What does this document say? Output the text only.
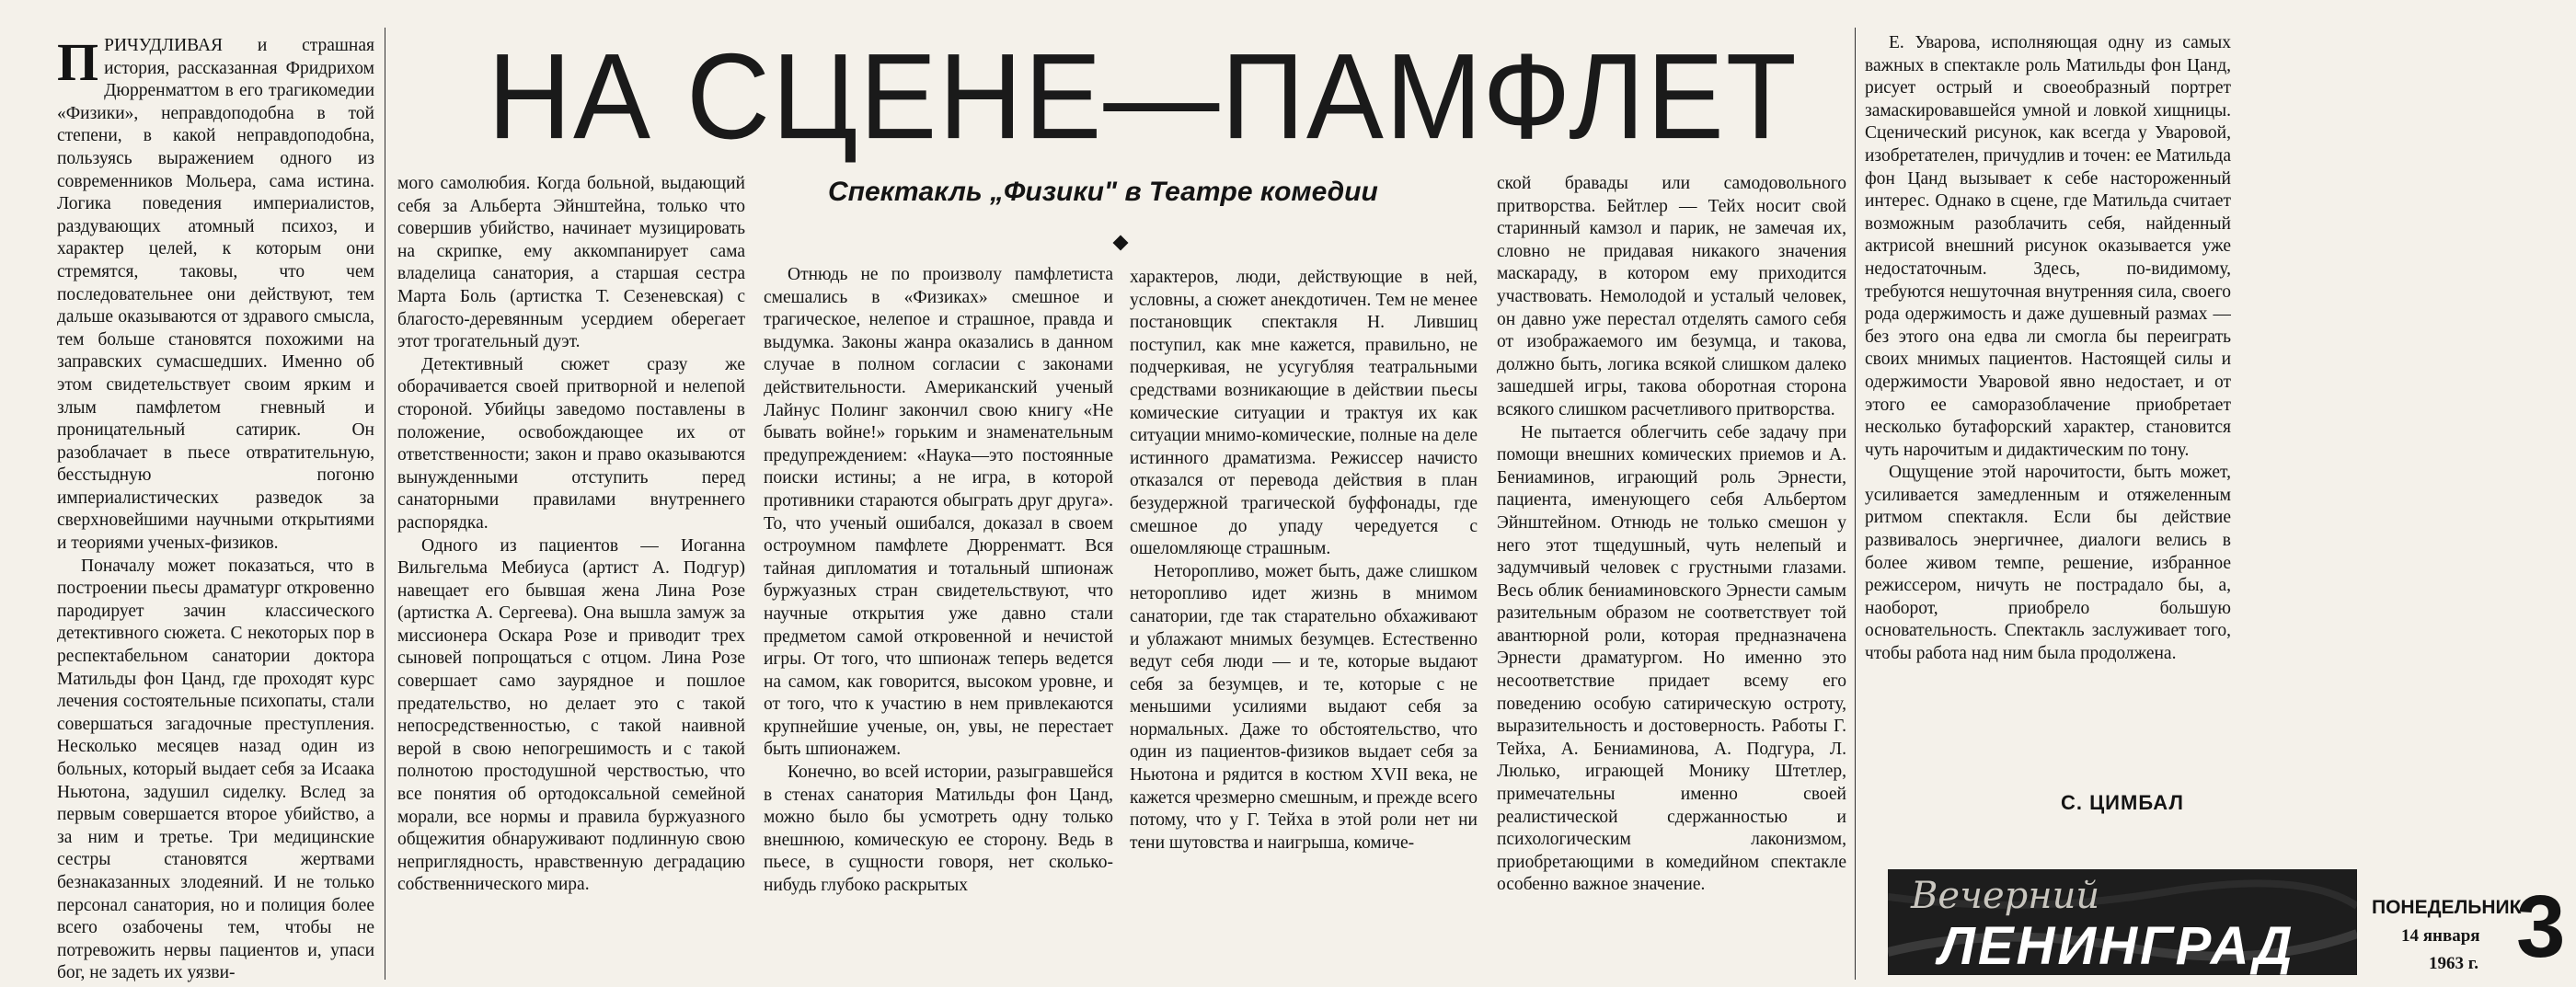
ПРИЧУДЛИВАЯ и страшная история, рассказанная Фридрихом Дюрренматтом в его трагикомедии «Физики», неправдоподобна в той степени, в какой неправдоподобна, пользуясь выражением одного из современников Мольера, сама истина. Логика поведения империалистов, раздувающих атомный психоз, и характер целей, к которым они стремятся, таковы, что чем последовательнее они действуют, тем дальше оказываются от здравого смысла, тем больше становятся похожими на заправских сумасшедших. Именно об этом свидетельствует своим ярким и злым памфлетом гневный и проницательный сатирик. Он разоблачает в пьесе отвратительную, бесстыдную погоню империалистических разведок за сверхновейшими научными открытиями и теориями ученых-физиков.

Поначалу может показаться, что в построении пьесы драматург откровенно пародирует зачин классического детективного сюжета. С некоторых пор в респектабельном санатории доктора Матильды фон Цанд, где проходят курс лечения состоятельные психопаты, стали совершаться загадочные преступления. Несколько месяцев назад один из больных, который выдает себя за Исаака Ньютона, задушил сиделку. Вслед за первым совершается второе убийство, а за ним и третье. Три медицинские сестры становятся жертвами безнаказанных злодеяний. И не только персонал санатория, но и полиция более всего озабочены тем, чтобы не потревожить нервы пациентов и, упаси бог, не задеть их уязви-

НА СЦЕНЕ—ПАМФЛЕТ
Спектакль „Физики" в Театре комедии

мого самолюбия. Когда больной, выдающий себя за Альберта Эйнштейна, только что совершив убийство, начинает музицировать на скрипке, ему аккомпанирует сама владелица санатория, а старшая сестра Марта Боль (артистка Т. Сезеневская) с благосто-деревянным усердием оберегает этот трогательный дуэт.

Детективный сюжет сразу же оборачивается своей притворной и нелепой стороной. Убийцы заведомо поставлены в положение, освобождающее их от ответственности; закон и право оказываются вынужденными отступить перед санаторными правилами внутреннего распорядка.

Одного из пациентов — Иоганна Вильгельма Мебиуса (артист А. Подгур) навещает его бывшая жена Лина Розе (артистка А. Сергеева). Она вышла замуж за миссионера Оскара Розе и приводит трех сыновей попрощаться с отцом. Лина Розе совершает само заурядное и пошлое предательство, но делает это с такой непосредственностью, с такой наивной верой в свою непогрешимость и с такой полнотою простодушной черствостью, что все понятия об ортодоксальной семейной морали, все нормы и правила буржуазного общежития обнаруживают подлинную свою неприглядность, нравственную деградацию собственнического мира.

Отнюдь не по произволу памфлетиста смешались в «Физиках» смешное и трагическое, нелепое и страшное, правда и выдумка. Законы жанра оказались в данном случае в полном согласии с законами действительности. Американский ученый Лайнус Полинг закончил свою книгу «Не бывать войне!» горьким и знаменательным предупреждением: «Наука—это постоянные поиски истины; а не игра, в которой противники стараются обыграть друг друга». То, что ученый ошибался, доказал в своем остроумном памфлете Дюрренматт. Вся тайная дипломатия и тотальный шпионаж буржуазных стран свидетельствуют, что научные открытия уже давно стали предметом самой откровенной и нечистой игры. От того, что шпионаж теперь ведется на самом, как говорится, высоком уровне, и от того, что к участию в нем привлекаются крупнейшие ученые, он, увы, не перестает быть шпионажем.

Конечно, во всей истории, разыгравшейся в стенах санатория Матильды фон Цанд, можно было бы усмотреть одну только внешнюю, комическую ее сторону. Ведь в пьесе, в сущности говоря, нет сколько-нибудь глубоко раскрытых

характеров, люди, действующие в ней, условны, а сюжет анекдотичен. Тем не менее постановщик спектакля Н. Лившиц поступил, как мне кажется, правильно, не подчеркивая, не усугубляя театральными средствами возникающие в действии пьесы комические ситуации и трактуя их как ситуации мнимо-комические, полные на деле истинного драматизма. Режиссер начисто отказался от перевода действия в план безудержной трагической буффонады, где смешное до упаду чередуется с ошеломляюще страшным.

Неторопливо, может быть, даже слишком неторопливо идет жизнь в мнимом санатории, где так старательно обхаживают и ублажают мнимых безумцев. Естественно ведут себя люди — и те, которые выдают себя за безумцев, и те, которые с не меньшими усилиями выдают себя за нормальных. Даже то обстоятельство, что один из пациентов-физиков выдает себя за Ньютона и рядится в костюм XVII века, не кажется чрезмерно смешным, и прежде всего потому, что у Г. Тейха в этой роли нет ни тени шутовства и наигрыша, комиче-

ской бравады или самодовольного притворства. Бейтлер — Тейх носит свой старинный камзол и парик, не замечая их, словно не придавая никакого значения маскараду, в котором ему приходится участвовать. Немолодой и усталый человек, он давно уже перестал отделять самого себя от изображаемого им безумца, и такова, должно быть, логика всякой слишком далеко зашедшей игры, такова оборотная сторона всякого слишком расчетливого притворства.

Не пытается облегчить себе задачу при помощи внешних комических приемов и А. Бениаминов, играющий роль Эрнести, пациента, именующего себя Альбертом Эйнштейном. Отнюдь не только смешон у него этот тщедушный, чуть нелепый и задумчивый человек с грустными глазами. Весь облик бениаминовского Эрнести самым разительным образом не соответствует той авантюрной роли, которая предназначена Эрнести драматургом. Но именно это несоответствие придает всему его поведению особую сатирическую остроту, выразительность и достоверность. Работы Г. Тейха, А. Бениаминова, А. Подгура, Л. Люлько, играющей Монику Штетлер, примечательны именно своей реалистической сдержанностью и психологическим лаконизмом, приобретающими в комедийном спектакле особенно важное значение.

Е. Уварова, исполняющая одну из самых важных в спектакле роль Матильды фон Цанд, рисует острый и своеобразный портрет замаскировавшейся умной и ловкой хищницы. Сценический рисунок, как всегда у Уваровой, изобретателен, причудлив и точен: ее Матильда фон Цанд вызывает к себе настороженный интерес. Однако в сцене, где Матильда считает возможным разоблачить себя, найденный актрисой внешний рисунок оказывается уже недостаточным. Здесь, по-видимому, требуются нешуточная внутренняя сила, своего рода одержимость и даже душевный размах — без этого она едва ли смогла бы переиграть своих мнимых пациентов. Настоящей силы и одержимости Уваровой явно недостает, и от этого ее саморазоблачение приобретает несколько бутафорский характер, становится чуть нарочитым и дидактическим по тону.

Ощущение этой нарочитости, быть может, усиливается замедленным и отяжеленным ритмом спектакля. Если бы действие развивалось энергичнее, диалоги велись в более живом темпе, решение, избранное режиссером, ничуть не пострадало бы, а, наоборот, приобрело большую основательность. Спектакль заслуживает того, чтобы работа над ним была продолжена.

С. ЦИМБАЛ
Вечерний
ЛЕНИНГРАД
ПОНЕДЕЛЬНИК
14 января
1963 г. 3
